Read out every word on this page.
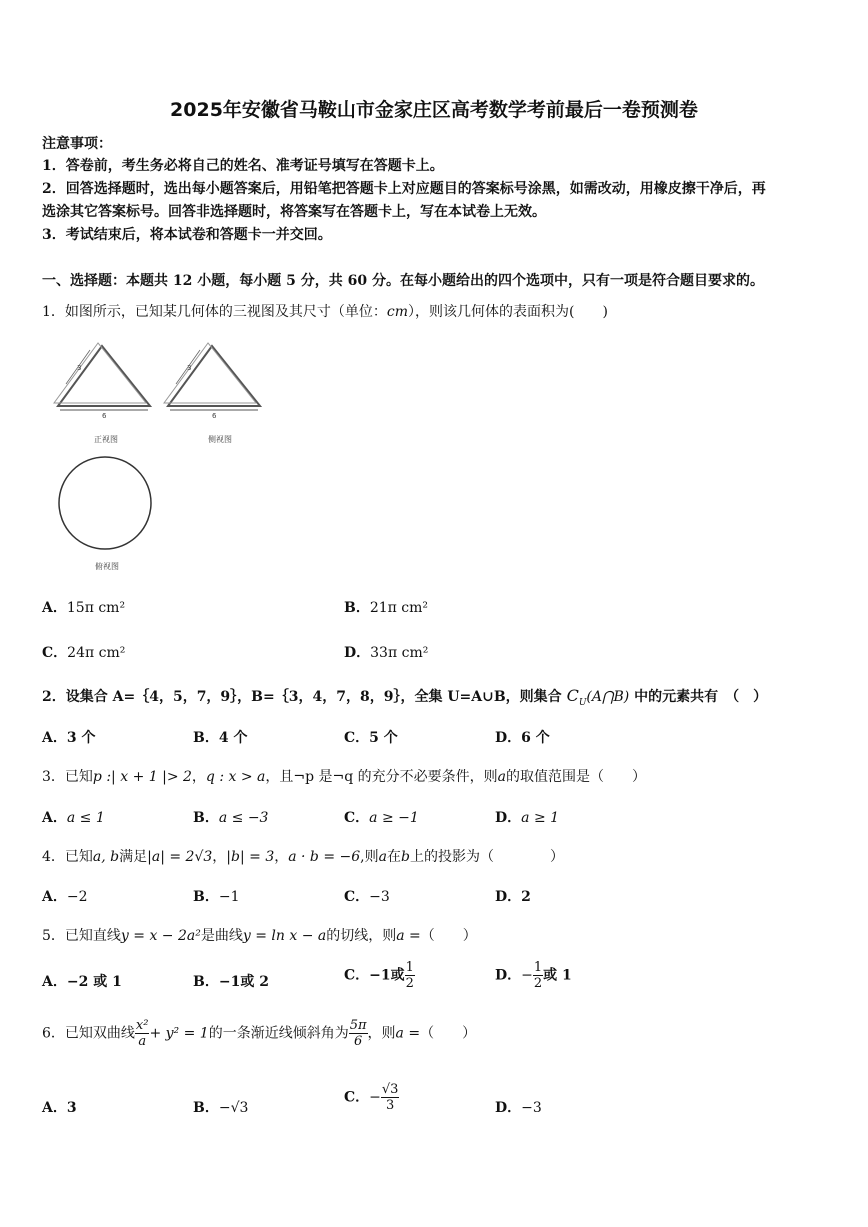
2025年安徽省马鞍山市金家庄区高考数学考前最后一卷预测卷
注意事项：
1．答卷前，考生务必将自己的姓名、准考证号填写在答题卡上。
2．回答选择题时，选出每小题答案后，用铅笔把答题卡上对应题目的答案标号涂黑，如需改动，用橡皮擦干净后，再
选涂其它答案标号。回答非选择题时，将答案写在答题卡上，写在本试卷上无效。
3．考试结束后，将本试卷和答题卡一并交回。
一、选择题：本题共 12 小题，每小题 5 分，共 60 分。在每小题给出的四个选项中，只有一项是符合题目要求的。
1．如图所示，已知某几何体的三视图及其尺寸（单位：cm），则该几何体的表面积为(　　)
3
6
正视图
3
6
侧视图
俯视图
A．15π cm²	B．21π cm²
C．24π cm²	D．33π cm²
2．设集合 A=｛4，5，7，9｝，B=｛3，4，7，8，9｝，全集 U=A∪B，则集合 $C_U(A⋂B)$ 中的元素共有　（　）
A．3 个	B．4 个	C．5 个	D．6 个
3．已知p :| x + 1 |> 2，q : x > a，且¬p 是¬q 的充分不必要条件，则a的取值范围是（　　）
A．a ≤ 1	B．a ≤ −3	C．a ≥ −1	D．a ≥ 1
4．已知a, b满足|a| = 2√3，|b| = 3，a · b = −6,则a在b上的投影为（　　　　）
A．−2	B．−1	C．−3	D．2
5．已知直线y = x − 2a²是曲线y = ln x − a的切线，则a =（　　）
A．−2 或 1	B．−1或 2	C．−1或 $\frac{1}{2}$	D．− $\frac{1}{2}$ 或 1
6．已知双曲线 $\frac{\text{x²}}{a} + y^2 = 1$的一条渐近线倾斜角为 $\frac{5\pi}{6}$ ，则a =（　　）
A．3	B．−√3
C．− $\frac{√3}{3}$	D．−3
